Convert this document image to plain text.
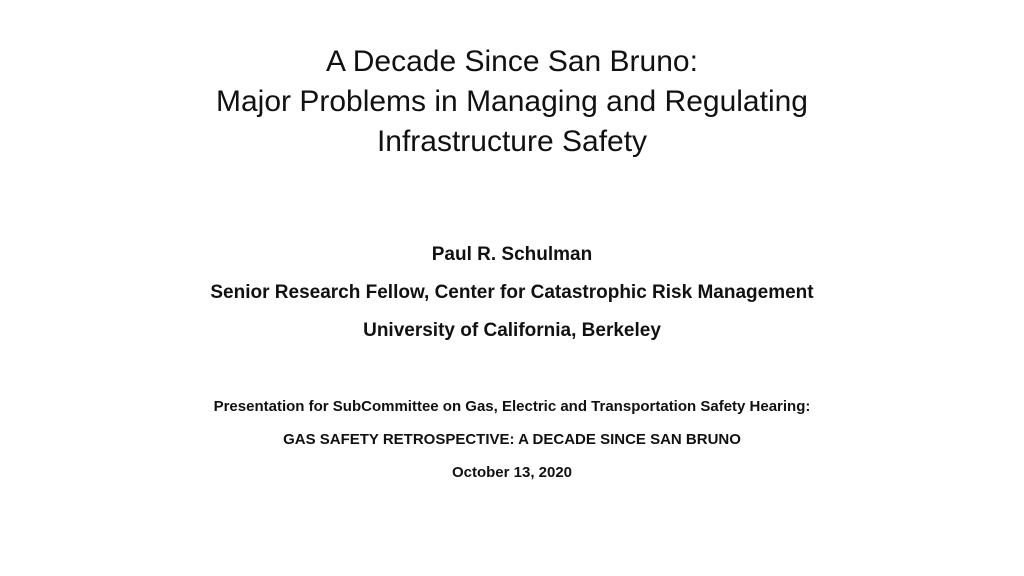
A Decade Since San Bruno:
Major Problems in Managing and Regulating
Infrastructure Safety
Paul R. Schulman
Senior Research Fellow, Center for Catastrophic Risk Management
University of California, Berkeley
Presentation for SubCommittee on Gas, Electric and Transportation Safety Hearing:
GAS SAFETY RETROSPECTIVE: A DECADE SINCE SAN BRUNO
October 13, 2020
